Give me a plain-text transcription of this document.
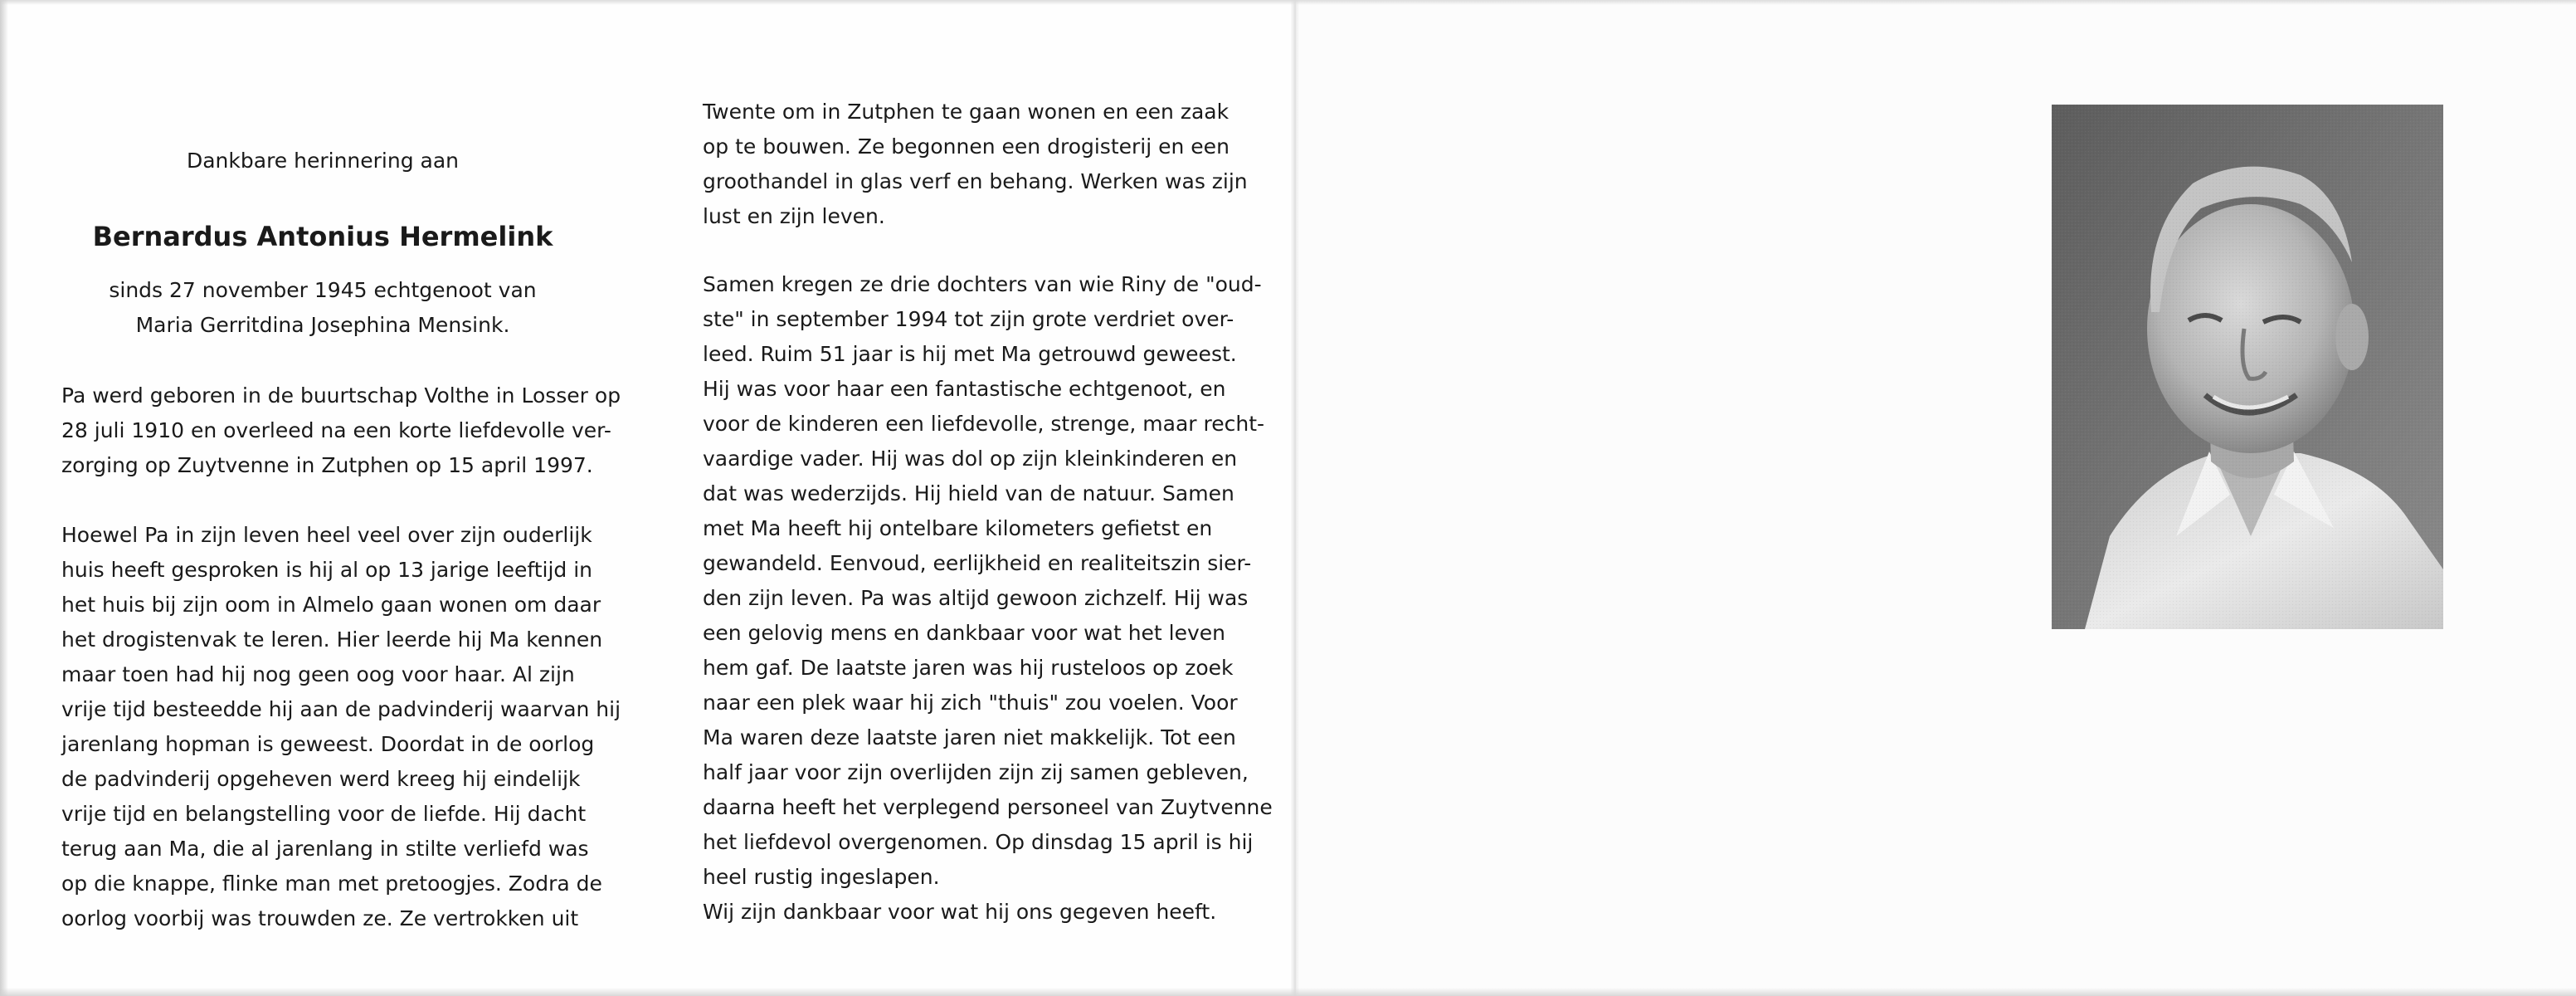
Dankbare herinnering aan
Bernardus Antonius Hermelink
sinds 27 november 1945 echtgenoot van
Maria Gerritdina Josephina Mensink.
Pa werd geboren in de buurtschap Volthe in Losser op
28 juli 1910 en overleed na een korte liefdevolle ver-
zorging op Zuytvenne in Zutphen op 15 april 1997.
Hoewel Pa in zijn leven heel veel over zijn ouderlijk
huis heeft gesproken is hij al op 13 jarige leeftijd in
het huis bij zijn oom in Almelo gaan wonen om daar
het drogistenvak te leren. Hier leerde hij Ma kennen
maar toen had hij nog geen oog voor haar. Al zijn
vrije tijd besteedde hij aan de padvinderij waarvan hij
jarenlang hopman is geweest. Doordat in de oorlog
de padvinderij opgeheven werd kreeg hij eindelijk
vrije tijd en belangstelling voor de liefde. Hij dacht
terug aan Ma, die al jarenlang in stilte verliefd was
op die knappe, flinke man met pretoogjes. Zodra de
oorlog voorbij was trouwden ze. Ze vertrokken uit
Twente om in Zutphen te gaan wonen en een zaak
op te bouwen. Ze begonnen een drogisterij en een
groothandel in glas verf en behang. Werken was zijn
lust en zijn leven.
Samen kregen ze drie dochters van wie Riny de "oud-
ste" in september 1994 tot zijn grote verdriet over-
leed. Ruim 51 jaar is hij met Ma getrouwd geweest.
Hij was voor haar een fantastische echtgenoot, en
voor de kinderen een liefdevolle, strenge, maar recht-
vaardige vader. Hij was dol op zijn kleinkinderen en
dat was wederzijds. Hij hield van de natuur. Samen
met Ma heeft hij ontelbare kilometers gefietst en
gewandeld. Eenvoud, eerlijkheid en realiteitszin sier-
den zijn leven. Pa was altijd gewoon zichzelf. Hij was
een gelovig mens en dankbaar voor wat het leven
hem gaf. De laatste jaren was hij rusteloos op zoek
naar een plek waar hij zich "thuis" zou voelen. Voor
Ma waren deze laatste jaren niet makkelijk. Tot een
half jaar voor zijn overlijden zijn zij samen gebleven,
daarna heeft het verplegend personeel van Zuytvenne
het liefdevol overgenomen. Op dinsdag 15 april is hij
heel rustig ingeslapen.
Wij zijn dankbaar voor wat hij ons gegeven heeft.
